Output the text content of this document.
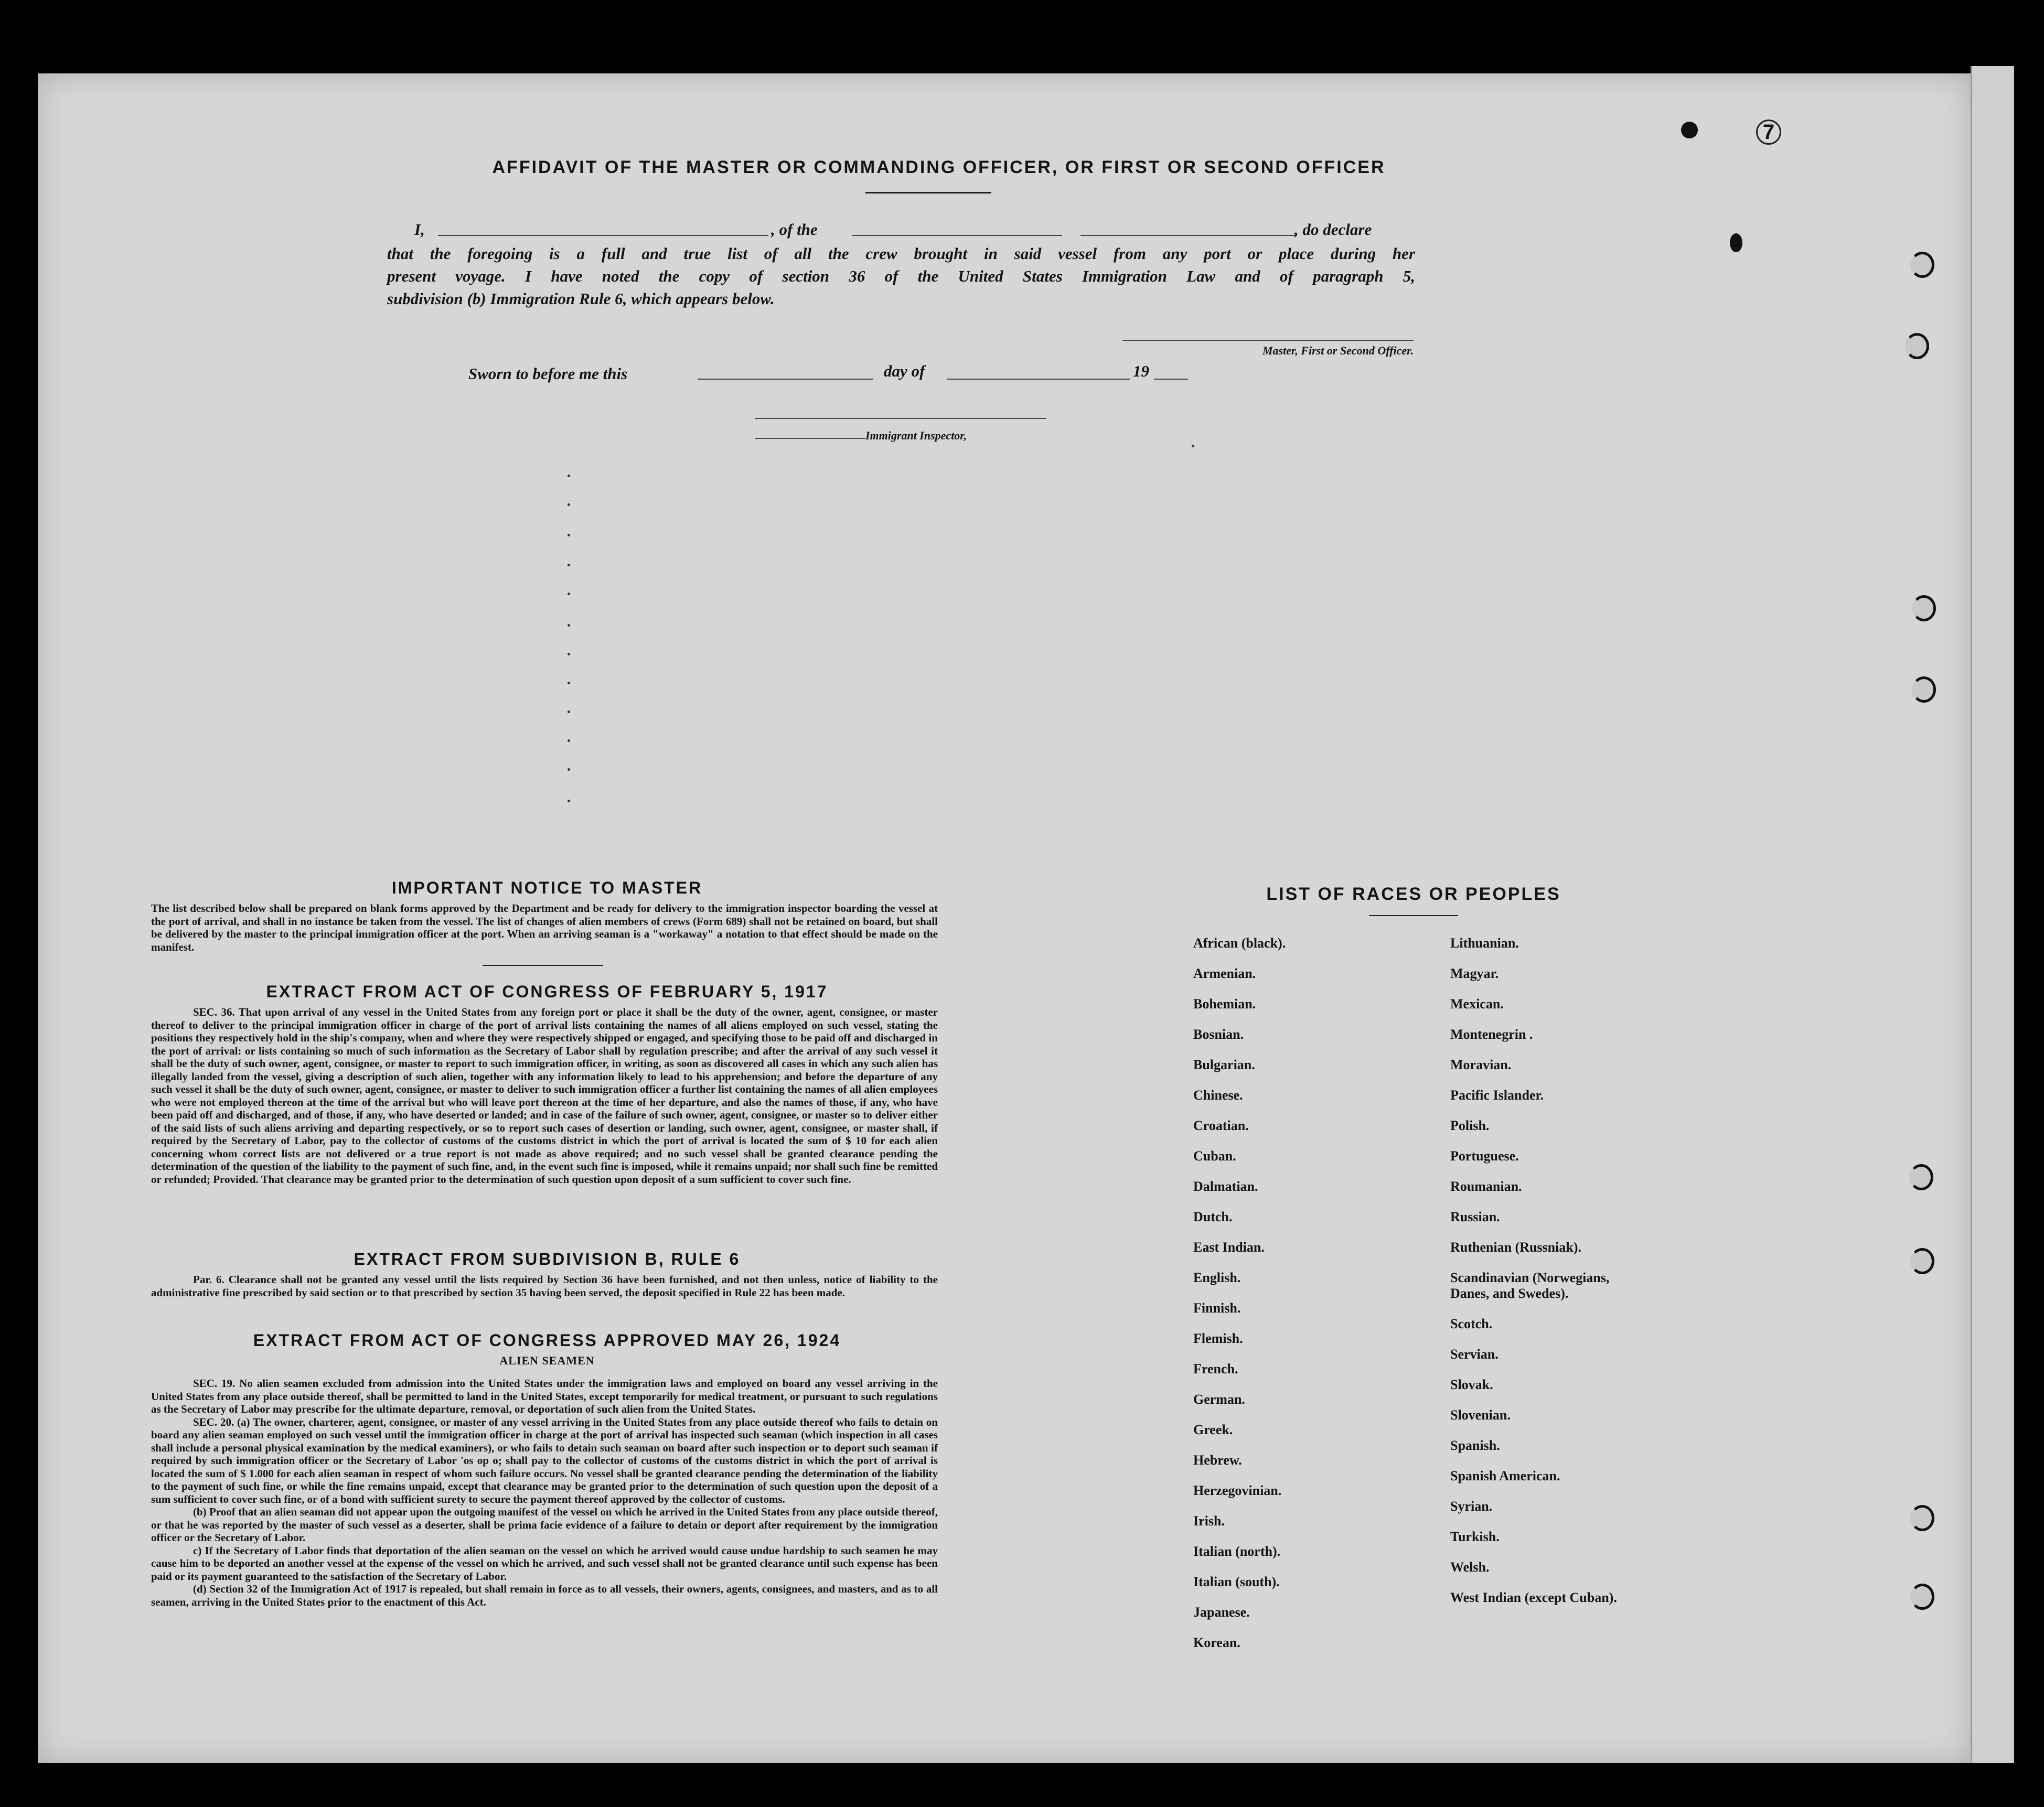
7
AFFIDAVIT OF THE MASTER OR COMMANDING OFFICER, OR FIRST OR SECOND OFFICER
I,	, of the	, do declare
that the foregoing is a full and true list of all the crew brought in said vessel from any port or place during her
present voyage. I have noted the copy of section 36 of the United States Immigration Law and of paragraph 5,
subdivision (b) Immigration Rule 6, which appears below.
Master, First or Second Officer.
Sworn to before me this	day of	19
Immigrant Inspector,
IMPORTANT NOTICE TO MASTER
The list described below shall be prepared on blank forms approved by the Department and be ready for delivery to the immigration inspector boarding the vessel at the port of arrival, and shall in no instance be taken from the vessel. The list of changes of alien members of crews (Form 689) shall not be retained on board, but shall be delivered by the master to the principal immigration officer at the port. When an arriving seaman is a "workaway" a notation to that effect should be made on the manifest.
EXTRACT FROM ACT OF CONGRESS OF FEBRUARY 5, 1917
SEC. 36. That upon arrival of any vessel in the United States from any foreign port or place it shall be the duty of the owner, agent, consignee, or master thereof to deliver to the principal immigration officer in charge of the port of arrival lists containing the names of all aliens employed on such vessel, stating the positions they respectively hold in the ship's company, when and where they were respectively shipped or engaged, and specifying those to be paid off and discharged in the port of arrival: or lists containing so much of such information as the Secretary of Labor shall by regulation prescribe; and after the arrival of any such vessel it shall be the duty of such owner, agent, consignee, or master to report to such immigration officer, in writing, as soon as discovered all cases in which any such alien has illegally landed from the vessel, giving a description of such alien, together with any information likely to lead to his apprehension; and before the departure of any such vessel it shall be the duty of such owner, agent, consignee, or master to deliver to such immigration officer a further list containing the names of all alien employees who were not employed thereon at the time of the arrival but who will leave port thereon at the time of her departure, and also the names of those, if any, who have been paid off and discharged, and of those, if any, who have deserted or landed; and in case of the failure of such owner, agent, consignee, or master so to deliver either of the said lists of such aliens arriving and departing respectively, or so to report such cases of desertion or landing, such owner, agent, consignee, or master shall, if required by the Secretary of Labor, pay to the collector of customs of the customs district in which the port of arrival is located the sum of $ 10 for each alien concerning whom correct lists are not delivered or a true report is not made as above required; and no such vessel shall be granted clearance pending the determination of the question of the liability to the payment of such fine, and, in the event such fine is imposed, while it remains unpaid; nor shall such fine be remitted or refunded; Provided. That clearance may be granted prior to the determination of such question upon deposit of a sum sufficient to cover such fine.
EXTRACT FROM SUBDIVISION B, RULE 6
Par. 6. Clearance shall not be granted any vessel until the lists required by Section 36 have been furnished, and not then unless, notice of liability to the administrative fine prescribed by said section or to that prescribed by section 35 having been served, the deposit specified in Rule 22 has been made.
EXTRACT FROM ACT OF CONGRESS APPROVED MAY 26, 1924
ALIEN SEAMEN
SEC. 19. No alien seamen excluded from admission into the United States under the immigration laws and employed on board any vessel arriving in the United States from any place outside thereof, shall be permitted to land in the United States, except temporarily for medical treatment, or pursuant to such regulations as the Secretary of Labor may prescribe for the ultimate departure, removal, or deportation of such alien from the United States.
SEC. 20. (a) The owner, charterer, agent, consignee, or master of any vessel arriving in the United States from any place outside thereof who fails to detain on board any alien seaman employed on such vessel until the immigration officer in charge at the port of arrival has inspected such seaman (which inspection in all cases shall include a personal physical examination by the medical examiners), or who fails to detain such seaman on board after such inspection or to deport such seaman if required by such immigration officer or the Secretary of Labor 'os op o; shall pay to the collector of customs of the customs district in which the port of arrival is located the sum of $ 1.000 for each alien seaman in respect of whom such failure occurs. No vessel shall be granted clearance pending the determination of the liability to the payment of such fine, or while the fine remains unpaid, except that clearance may be granted prior to the determination of such question upon the deposit of a sum sufficient to cover such fine, or of a bond with sufficient surety to secure the payment thereof approved by the collector of customs.
(b) Proof that an alien seaman did not appear upon the outgoing manifest of the vessel on which he arrived in the United States from any place outside thereof, or that he was reported by the master of such vessel as a deserter, shall be prima facie evidence of a failure to detain or deport after requirement by the immigration officer or the Secretary of Labor.
c) If the Secretary of Labor finds that deportation of the alien seaman on the vessel on which he arrived would cause undue hardship to such seamen he may cause him to be deported an another vessel at the expense of the vessel on which he arrived, and such vessel shall not be granted clearance until such expense has been paid or its payment guaranteed to the satisfaction of the Secretary of Labor.
(d) Section 32 of the Immigration Act of 1917 is repealed, but shall remain in force as to all vessels, their owners, agents, consignees, and masters, and as to all seamen, arriving in the United States prior to the enactment of this Act.
LIST OF RACES OR PEOPLES
African (black).
Armenian.
Bohemian.
Bosnian.
Bulgarian.
Chinese.
Croatian.
Cuban.
Dalmatian.
Dutch.
East Indian.
English.
Finnish.
Flemish.
French.
German.
Greek.
Hebrew.
Herzegovinian.
Irish.
Italian (north).
Italian (south).
Japanese.
Korean.
Lithuanian.
Magyar.
Mexican.
Montenegrin .
Moravian.
Pacific Islander.
Polish.
Portuguese.
Roumanian.
Russian.
Ruthenian (Russniak).
Scandinavian (Norwegians, Danes, and Swedes).
Scotch.
Servian.
Slovak.
Slovenian.
Spanish.
Spanish American.
Syrian.
Turkish.
Welsh.
West Indian (except Cuban).
